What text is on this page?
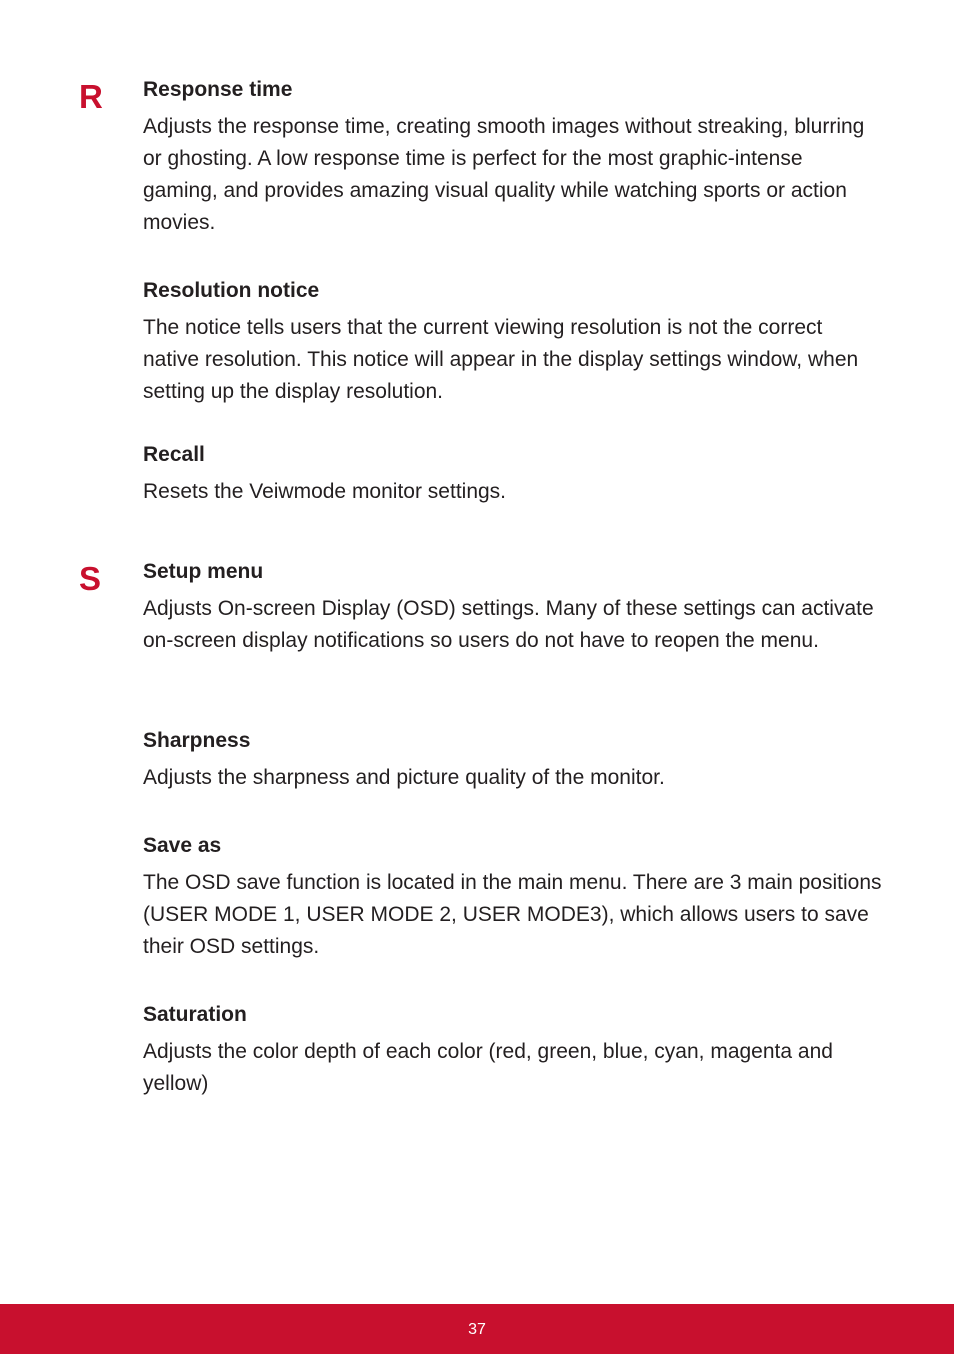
R Response time

Adjusts the response time, creating smooth images without streaking, blurring or ghosting. A low response time is perfect for the most graphic-intense gaming, and provides amazing visual quality while watching sports or action movies.

Resolution notice

The notice tells users that the current viewing resolution is not the correct native resolution. This notice will appear in the display settings window, when setting up the display resolution.

Recall

Resets the Veiwmode monitor settings.

S Setup menu

Adjusts On-screen Display (OSD) settings. Many of these settings can activate on-screen display notifications so users do not have to reopen the menu.

Sharpness

Adjusts the sharpness and picture quality of the monitor.

Save as

The OSD save function is located in the main menu. There are 3 main positions (USER MODE 1, USER MODE 2, USER MODE3), which allows users to save their OSD settings.

Saturation

Adjusts the color depth of each color (red, green, blue, cyan, magenta and yellow)

37
